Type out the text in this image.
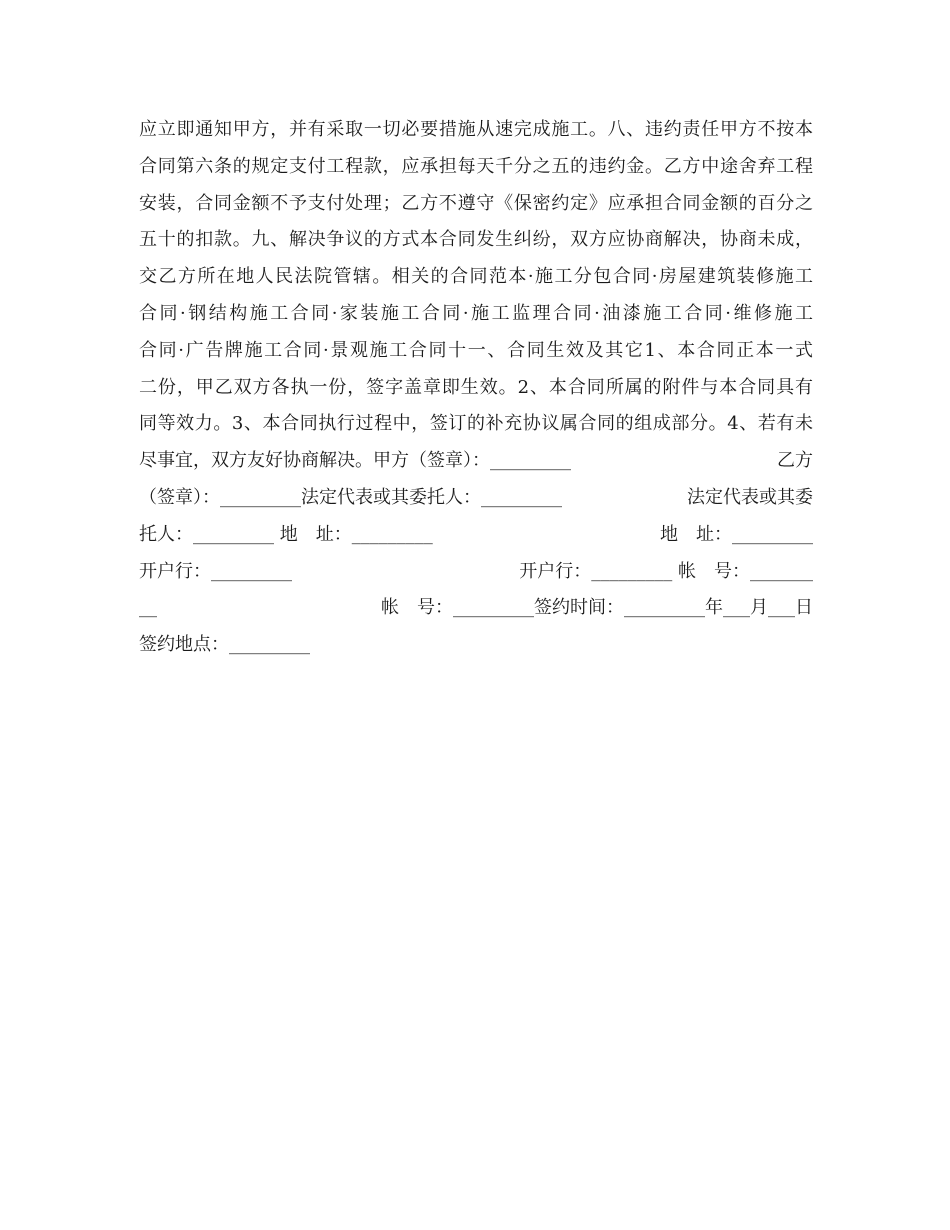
应立即通知甲方，并有采取一切必要措施从速完成施工。八、违约责任甲方不按本
合同第六条的规定支付工程款，应承担每天千分之五的违约金。乙方中途舍弃工程
安装，合同金额不予支付处理；乙方不遵守《保密约定》应承担合同金额的百分之
五十的扣款。九、解决争议的方式本合同发生纠纷，双方应协商解决，协商未成，
交乙方所在地人民法院管辖。相关的合同范本·施工分包合同·房屋建筑装修施工
合同·钢结构施工合同·家装施工合同·施工监理合同·油漆施工合同·维修施工
合同·广告牌施工合同·景观施工合同十一、合同生效及其它1、本合同正本一式
二份，甲乙双方各执一份，签字盖章即生效。2、本合同所属的附件与本合同具有
同等效力。3、本合同执行过程中，签订的补充协议属合同的组成部分。4、若有未
尽事宜，双方友好协商解决。甲方（签章）：_________	乙方
（签章）：_________法定代表或其委托人：_________	法定代表或其委
托人：_________ 地　址：_________	地　址：_________
开户行：_________	开户行：_________ 帐　号：_______
__	帐　号：_________签约时间：_________年___月___日
签约地点：_________
